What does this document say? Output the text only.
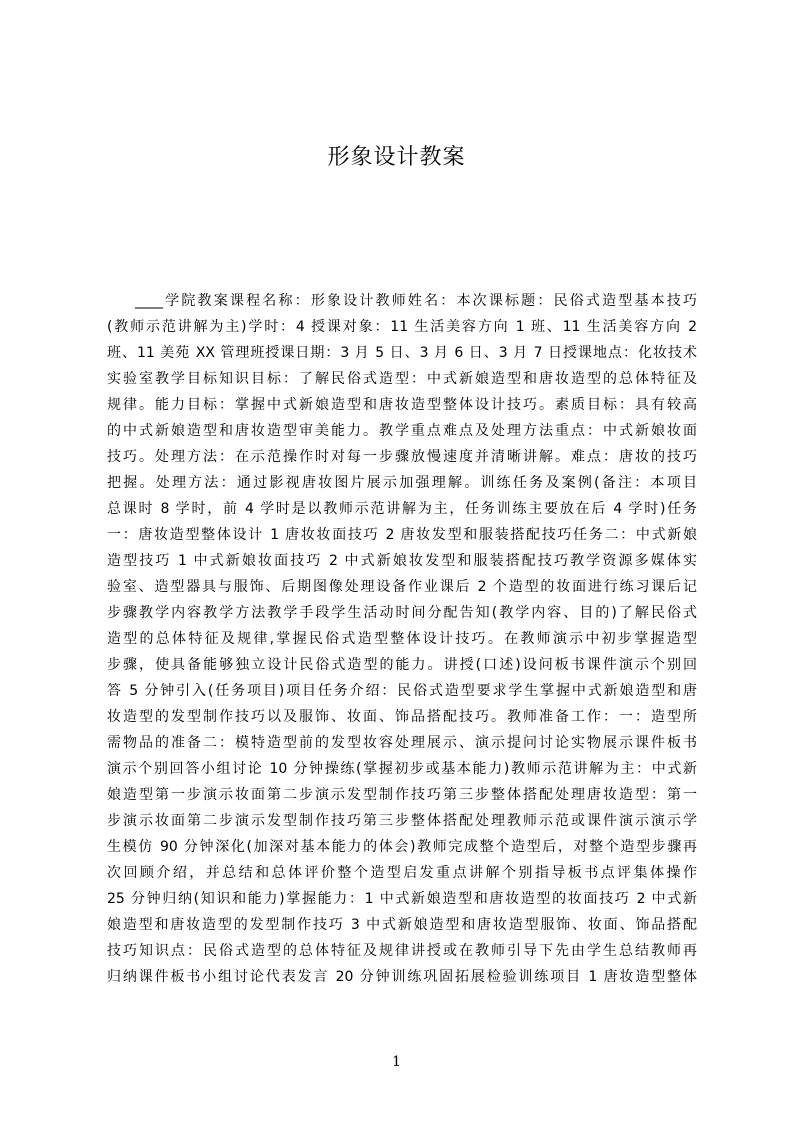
形象设计教案
____学院教案课程名称：形象设计教师姓名：本次课标题：民俗式造型基本技巧
(教师示范讲解为主)学时：4 授课对象：11 生活美容方向 1 班、11 生活美容方向 2
班、11 美苑 XX 管理班授课日期：3 月 5 日、3 月 6 日、3 月 7 日授课地点：化妆技术
实验室教学目标知识目标：了解民俗式造型：中式新娘造型和唐妆造型的总体特征及
规律。能力目标：掌握中式新娘造型和唐妆造型整体设计技巧。素质目标：具有较高
的中式新娘造型和唐妆造型审美能力。教学重点难点及处理方法重点：中式新娘妆面
技巧。处理方法：在示范操作时对每一步骤放慢速度并清晰讲解。难点：唐妆的技巧
把握。处理方法：通过影视唐妆图片展示加强理解。训练任务及案例(备注：本项目
总课时 8 学时，前 4 学时是以教师示范讲解为主，任务训练主要放在后 4 学时)任务
一：唐妆造型整体设计 1 唐妆妆面技巧 2 唐妆发型和服装搭配技巧任务二：中式新娘
造型技巧 1 中式新娘妆面技巧 2 中式新娘妆发型和服装搭配技巧教学资源多媒体实
验室、造型器具与服饰、后期图像处理设备作业课后 2 个造型的妆面进行练习课后记
步骤教学内容教学方法教学手段学生活动时间分配告知(教学内容、目的)了解民俗式
造型的总体特征及规律,掌握民俗式造型整体设计技巧。在教师演示中初步掌握造型
步骤，使具备能够独立设计民俗式造型的能力。讲授(口述)设问板书课件演示个别回
答 5 分钟引入(任务项目)项目任务介绍：民俗式造型要求学生掌握中式新娘造型和唐
妆造型的发型制作技巧以及服饰、妆面、饰品搭配技巧。教师准备工作：一：造型所
需物品的准备二：模特造型前的发型妆容处理展示、演示提问讨论实物展示课件板书
演示个别回答小组讨论 10 分钟操练(掌握初步或基本能力)教师示范讲解为主：中式新
娘造型第一步演示妆面第二步演示发型制作技巧第三步整体搭配处理唐妆造型：第一
步演示妆面第二步演示发型制作技巧第三步整体搭配处理教师示范或课件演示演示学
生模仿 90 分钟深化(加深对基本能力的体会)教师完成整个造型后，对整个造型步骤再
次回顾介绍，并总结和总体评价整个造型启发重点讲解个别指导板书点评集体操作
25 分钟归纳(知识和能力)掌握能力：1 中式新娘造型和唐妆造型的妆面技巧 2 中式新
娘造型和唐妆造型的发型制作技巧 3 中式新娘造型和唐妆造型服饰、妆面、饰品搭配
技巧知识点：民俗式造型的总体特征及规律讲授或在教师引导下先由学生总结教师再
归纳课件板书小组讨论代表发言 20 分钟训练巩固拓展检验训练项目 1 唐妆造型整体
1
